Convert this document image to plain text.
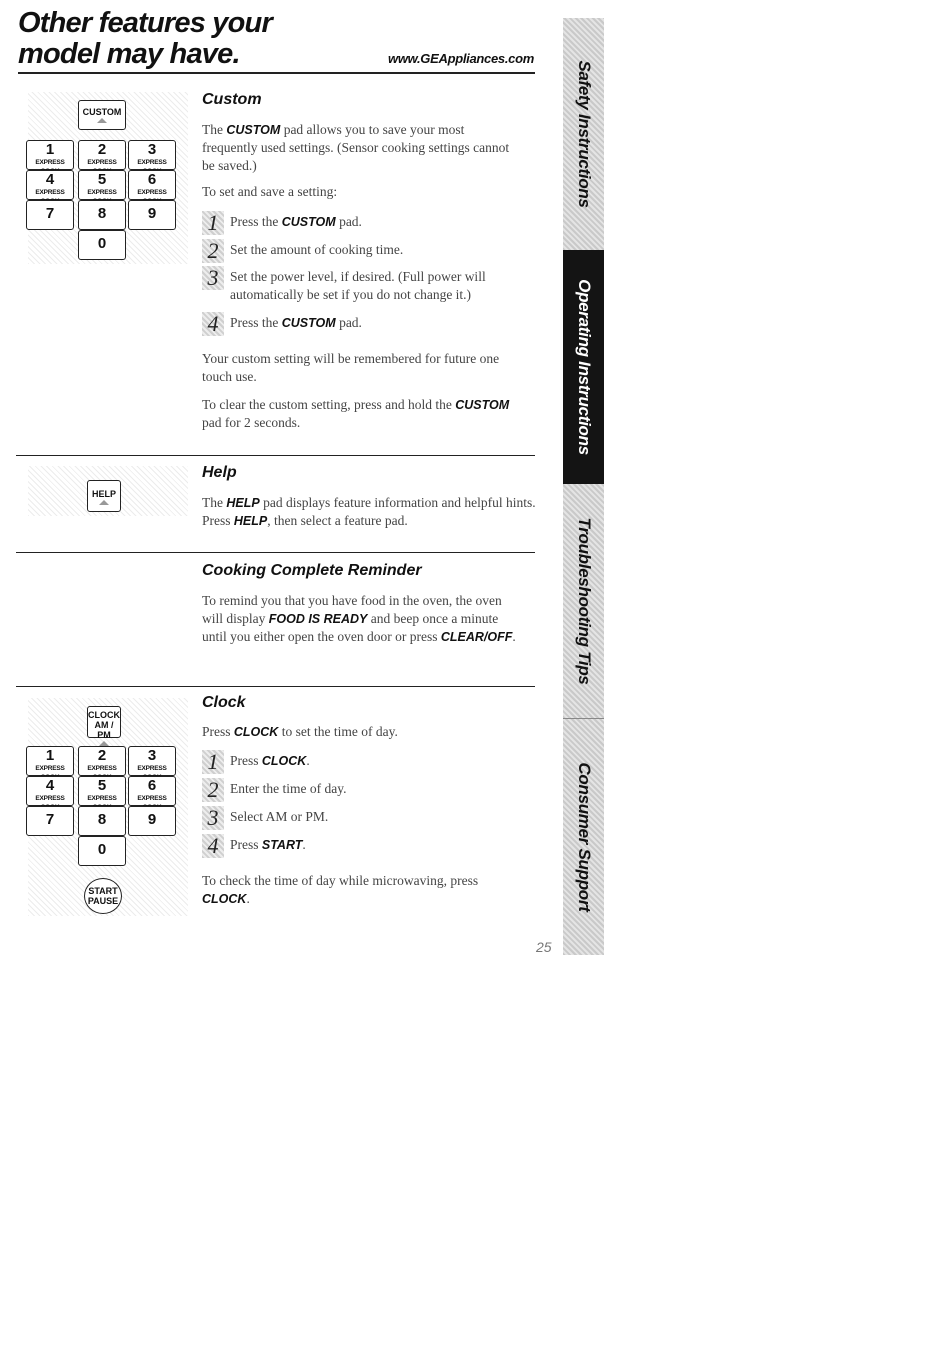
Other features your
model may have.	www.GEAppliances.com
CUSTOM
1
EXPRESS
2
EXPRESS
3
EXPRESS
4
EXPRESS
5
EXPRESS
6
EXPRESS
7	8	9
0
Custom

The CUSTOM pad allows you to save your most frequently used settings. (Sensor cooking settings cannot be saved.)

To set and save a setting:

1 Press the CUSTOM pad.
2 Set the amount of cooking time.
3 Set the power level, if desired. (Full power will automatically be set if you do not change it.)
4 Press the CUSTOM pad.

Your custom setting will be remembered for future one touch use.

To clear the custom setting, press and hold the CUSTOM pad for 2 seconds.

HELP
Help

The HELP pad displays feature information and helpful hints. Press HELP, then select a feature pad.

Cooking Complete Reminder

To remind you that you have food in the oven, the oven will display FOOD IS READY and beep once a minute until you either open the oven door or press CLEAR/OFF.

CLOCK
AM / PM
1
EXPRESS
2
EXPRESS
3
EXPRESS
4
EXPRESS
5
EXPRESS
6
EXPRESS
7	8	9
0
START
PAUSE
Clock

Press CLOCK to set the time of day.

1 Press CLOCK.
2 Enter the time of day.
3 Select AM or PM.
4 Press START.

To check the time of day while microwaving, press CLOCK.

Safety Instructions
Operating Instructions
Troubleshooting Tips
Consumer Support
25
